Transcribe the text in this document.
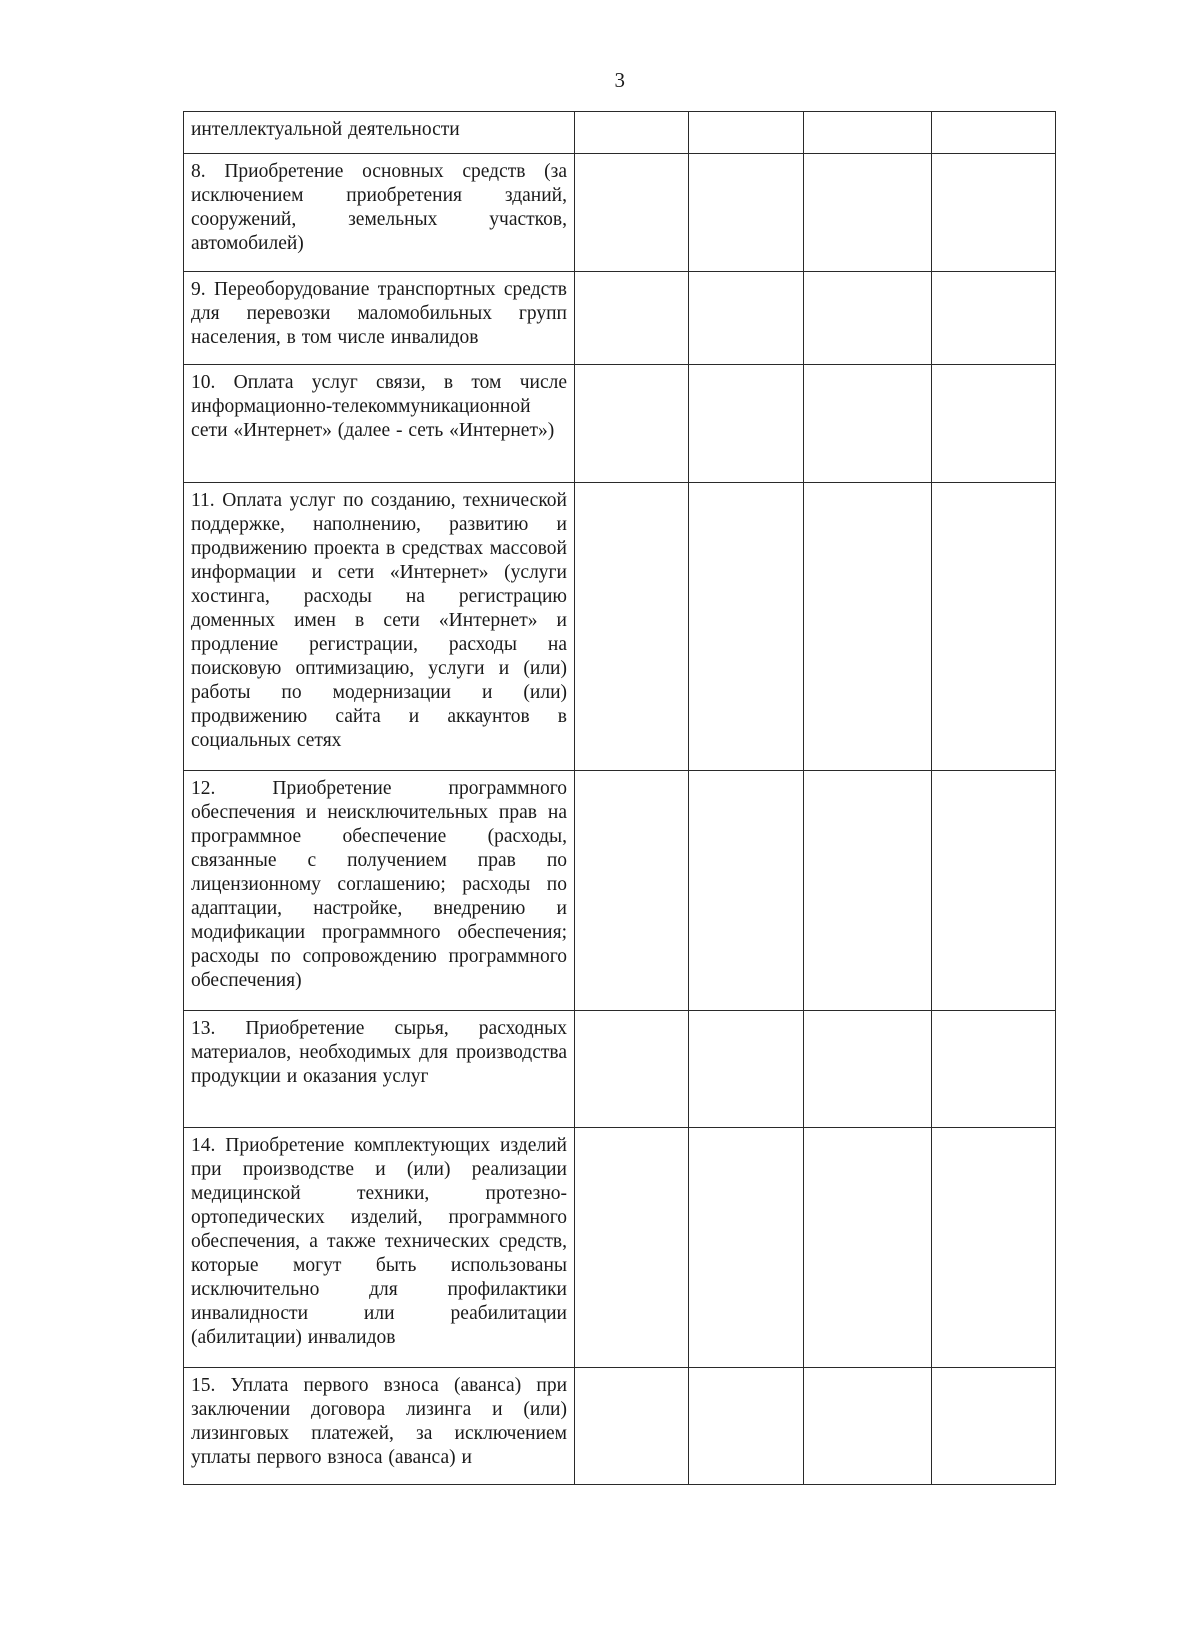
3
интеллектуальной деятельности				
8. Приобретение основных средств (за исключением приобретения зданий, сооружений, земельных участков, автомобилей)				
9. Переоборудование транспортных средств для перевозки маломобильных групп населения, в том числе инвалидов				
10. Оплата услуг связи, в том числе информационно-телекоммуникационной сети «Интернет» (далее - сеть «Интернет»)				
11. Оплата услуг по созданию, технической поддержке, наполнению, развитию и продвижению проекта в средствах массовой информации и сети «Интернет» (услуги хостинга, расходы на регистрацию доменных имен в сети «Интернет» и продление регистрации, расходы на поисковую оптимизацию, услуги и (или) работы по модернизации и (или) продвижению сайта и аккаунтов в социальных сетях				
12. Приобретение программного обеспечения и неисключительных прав на программное обеспечение (расходы, связанные с получением прав по лицензионному соглашению; расходы по адаптации, настройке, внедрению и модификации программного обеспечения; расходы по сопровождению программного обеспечения)				
13. Приобретение сырья, расходных материалов, необходимых для производства продукции и оказания услуг				
14. Приобретение комплектующих изделий при производстве и (или) реализации медицинской техники, протезно-ортопедических изделий, программного обеспечения, а также технических средств, которые могут быть использованы исключительно для профилактики инвалидности или реабилитации (абилитации) инвалидов				
15. Уплата первого взноса (аванса) при заключении договора лизинга и (или) лизинговых платежей, за исключением уплаты первого взноса (аванса) и				
